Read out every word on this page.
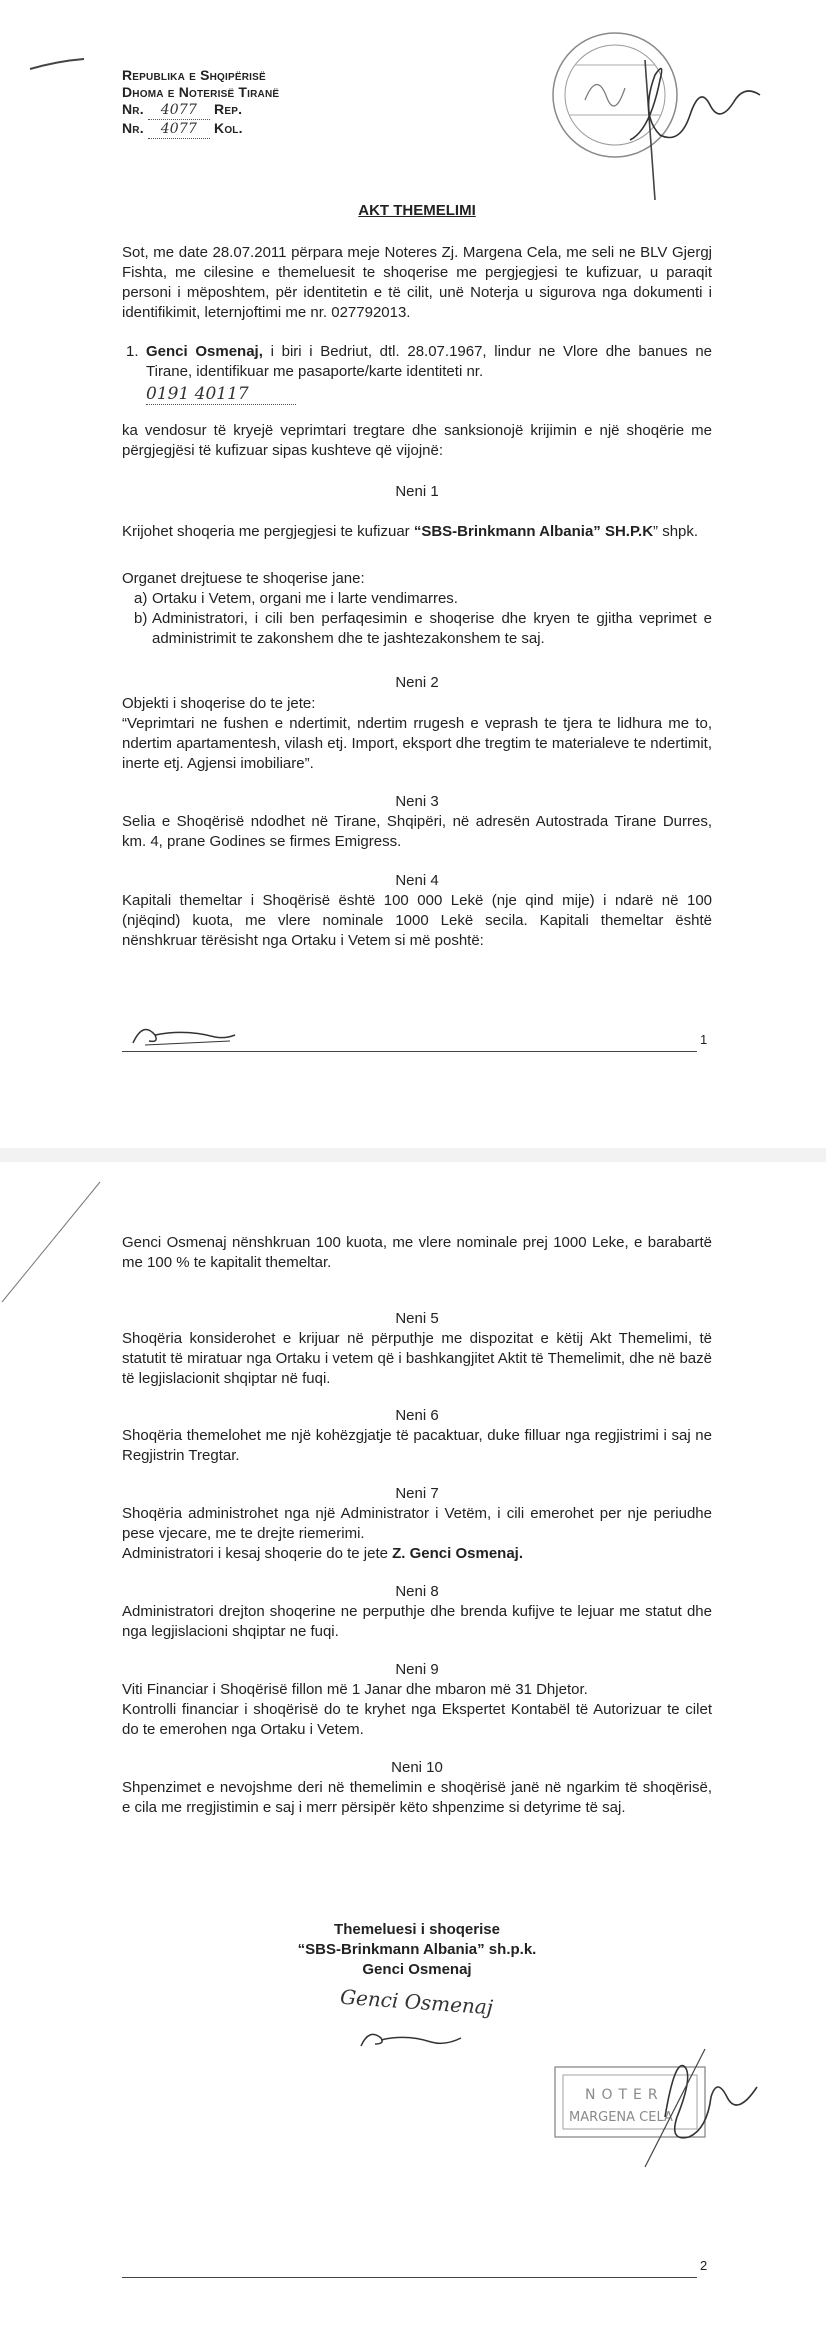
Republika e Shqipërisë
Dhoma e Noterisë Tiranë
Nr. 4077 Rep.
Nr. 4077 Kol.
AKT THEMELIMI
Sot, me date 28.07.2011 përpara meje Noteres Zj. Margena Cela, me seli ne BLV Gjergj Fishta, me cilesine e themeluesit te shoqerise me pergjegjesi te kufizuar, u paraqit personi i mëposhtem, për identitetin e të cilit, unë Noterja u sigurova nga dokumenti i identifikimit, leternjoftimi me nr. 027792013.
1. Genci Osmenaj, i biri i Bedriut, dtl. 28.07.1967, lindur ne Vlore dhe banues ne Tirane, identifikuar me pasaporte/karte identiteti nr.
0191 40117
ka vendosur të kryejë veprimtari tregtare dhe sanksionojë krijimin e një shoqërie me përgjegjësi të kufizuar sipas kushteve që vijojnë:
Neni 1
Krijohet shoqeria me pergjegjesi te kufizuar “SBS-Brinkmann Albania” SH.P.K” shpk.
Organet drejtuese te shoqerise jane:
a) Ortaku i Vetem, organi me i larte vendimarres.
b) Administratori, i cili ben perfaqesimin e shoqerise dhe kryen te gjitha veprimet e administrimit te zakonshem dhe te jashtezakonshem te saj.
Neni 2
Objekti i shoqerise do te jete:
“Veprimtari ne fushen e ndertimit, ndertim rrugesh e veprash te tjera te lidhura me to, ndertim apartamentesh, vilash etj. Import, eksport dhe tregtim te materialeve te ndertimit, inerte etj. Agjensi imobiliare”.
Neni 3
Selia e Shoqërisë ndodhet në Tirane, Shqipëri, në adresën Autostrada Tirane Durres, km. 4, prane Godines se firmes Emigress.
Neni 4
Kapitali themeltar i Shoqërisë është 100 000 Lekë (nje qind mije) i ndarë në 100 (njëqind) kuota, me vlere nominale 1000 Lekë secila. Kapitali themeltar është nënshkruar tërësisht nga Ortaku i Vetem si më poshtë:
1
Genci Osmenaj nënshkruan 100 kuota, me vlere nominale prej 1000 Leke, e barabartë me 100 % te kapitalit themeltar.
Neni 5
Shoqëria konsiderohet e krijuar në përputhje me dispozitat e këtij Akt Themelimi, të statutit të miratuar nga Ortaku i vetem që i bashkangjitet Aktit të Themelimit, dhe në bazë të legjislacionit shqiptar në fuqi.
Neni 6
Shoqëria themelohet me një kohëzgjatje të pacaktuar, duke filluar nga regjistrimi i saj ne Regjistrin Tregtar.
Neni 7
Shoqëria administrohet nga një Administrator i Vetëm, i cili emerohet per nje periudhe pese vjecare, me te drejte riemerimi.
Administratori i kesaj shoqerie do te jete Z. Genci Osmenaj.
Neni 8
Administratori drejton shoqerine ne perputhje dhe brenda kufijve te lejuar me statut dhe nga legjislacioni shqiptar ne fuqi.
Neni 9
Viti Financiar i Shoqërisë fillon më 1 Janar dhe mbaron më 31 Dhjetor.
Kontrolli financiar i shoqërisë do te kryhet nga Ekspertet Kontabël të Autorizuar te cilet do te emerohen nga Ortaku i Vetem.
Neni 10
Shpenzimet e nevojshme deri në themelimin e shoqërisë janë në ngarkim të shoqërisë, e cila me rregjistimin e saj i merr përsipër këto shpenzime si detyrime të saj.
Themeluesi i shoqerise
“SBS-Brinkmann Albania” sh.p.k.
Genci Osmenaj
Genci Osmenaj
NOTER
MARGENA CELA
2
